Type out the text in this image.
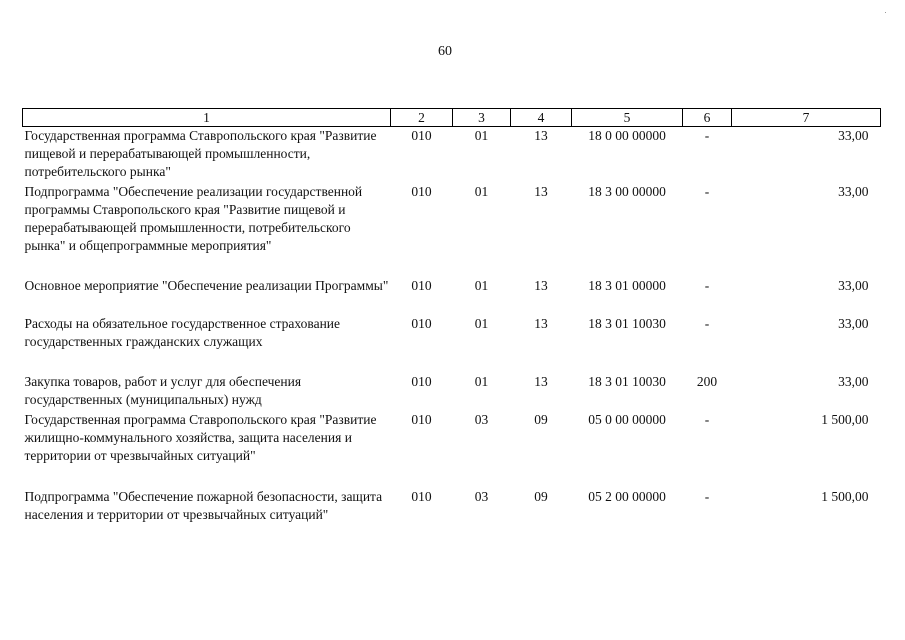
60
1	2	3	4	5	6	7
Государственная программа Ставропольского края "Развитие пищевой и перерабатывающей промышленности, потребительского рынка"	010	01	13	18 0 00 00000	-	33,00
Подпрограмма "Обеспечение реализации государственной программы Ставропольского края "Развитие пищевой и перерабатывающей промышленности, потребительского рынка" и общепрограммные мероприятия"	010	01	13	18 3 00 00000	-	33,00
Основное мероприятие "Обеспечение реализации Программы"	010	01	13	18 3 01 00000	-	33,00
Расходы на обязательное государственное страхование государственных гражданских служащих	010	01	13	18 3 01 10030	-	33,00
Закупка товаров, работ и услуг для обеспечения государственных (муниципальных) нужд	010	01	13	18 3 01 10030	200	33,00
Государственная программа Ставропольского края "Развитие жилищно-коммунального хозяйства, защита населения и территории от чрезвычайных ситуаций"	010	03	09	05 0 00 00000	-	1 500,00
Подпрограмма "Обеспечение пожарной безопасности, защита населения и территории от чрезвычайных ситуаций"	010	03	09	05 2 00 00000	-	1 500,00
